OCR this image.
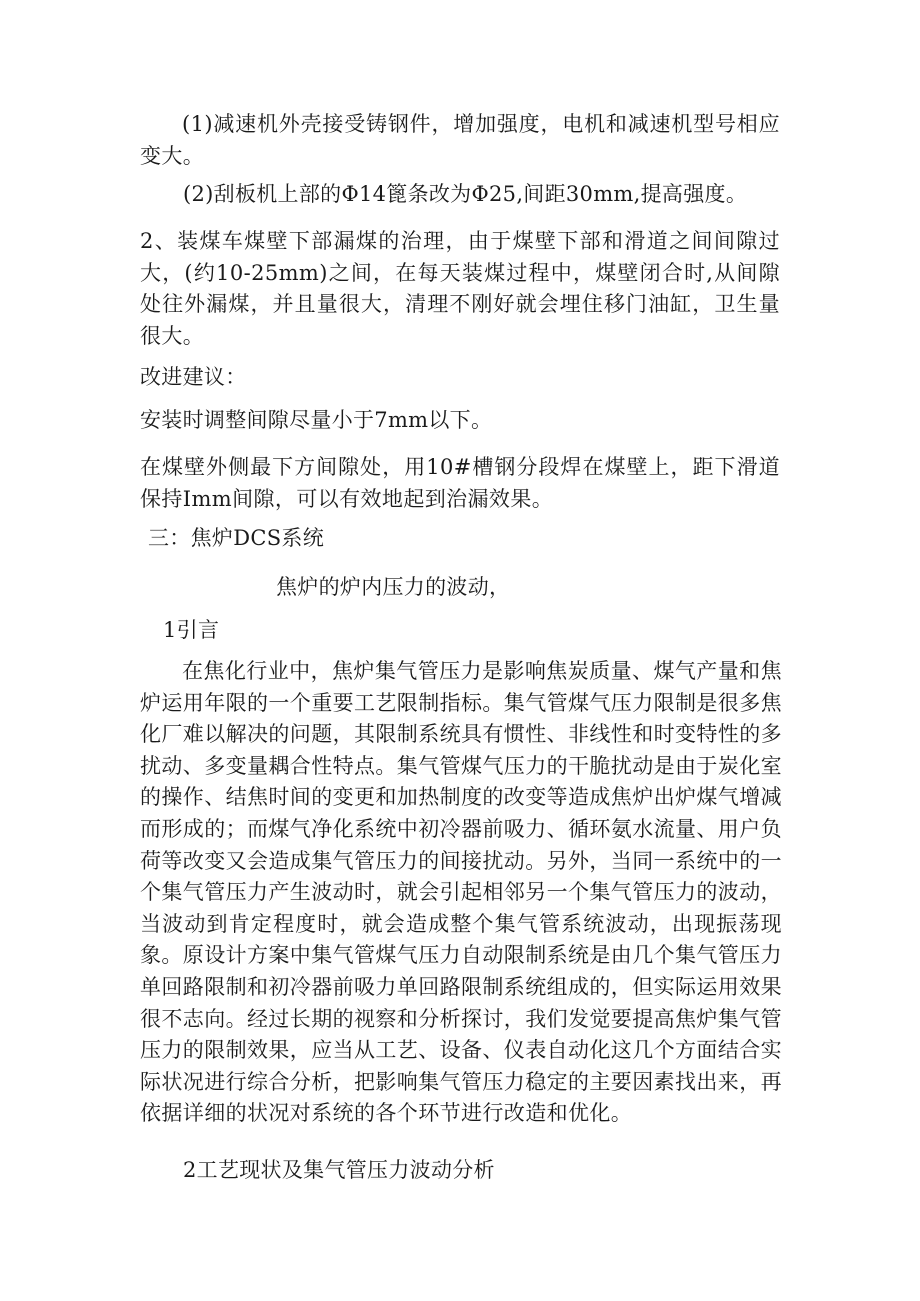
(1)减速机外壳接受铸钢件，增加强度，电机和减速机型号相应变大。
(2)刮板机上部的Φ14篦条改为Φ25,间距30mm,提高强度。
2、装煤车煤壁下部漏煤的治理，由于煤壁下部和滑道之间间隙过大，(约10-25mm)之间，在每天装煤过程中，煤壁闭合时,从间隙处往外漏煤，并且量很大，清理不刚好就会埋住移门油缸，卫生量很大。
改进建议：
安装时调整间隙尽量小于7mm以下。
在煤壁外侧最下方间隙处，用10#槽钢分段焊在煤壁上，距下滑道保持Imm间隙，可以有效地起到治漏效果。
三：焦炉DCS系统
焦炉的炉内压力的波动，
1引言
在焦化行业中，焦炉集气管压力是影响焦炭质量、煤气产量和焦炉运用年限的一个重要工艺限制指标。集气管煤气压力限制是很多焦化厂难以解决的问题，其限制系统具有惯性、非线性和时变特性的多扰动、多变量耦合性特点。集气管煤气压力的干脆扰动是由于炭化室的操作、结焦时间的变更和加热制度的改变等造成焦炉出炉煤气增减而形成的；而煤气净化系统中初冷器前吸力、循环氨水流量、用户负荷等改变又会造成集气管压力的间接扰动。另外，当同一系统中的一个集气管压力产生波动时，就会引起相邻另一个集气管压力的波动，当波动到肯定程度时，就会造成整个集气管系统波动，出现振荡现象。原设计方案中集气管煤气压力自动限制系统是由几个集气管压力单回路限制和初冷器前吸力单回路限制系统组成的，但实际运用效果很不志向。经过长期的视察和分析探讨，我们发觉要提高焦炉集气管压力的限制效果，应当从工艺、设备、仪表自动化这几个方面结合实际状况进行综合分析，把影响集气管压力稳定的主要因素找出来，再依据详细的状况对系统的各个环节进行改造和优化。
2工艺现状及集气管压力波动分析
